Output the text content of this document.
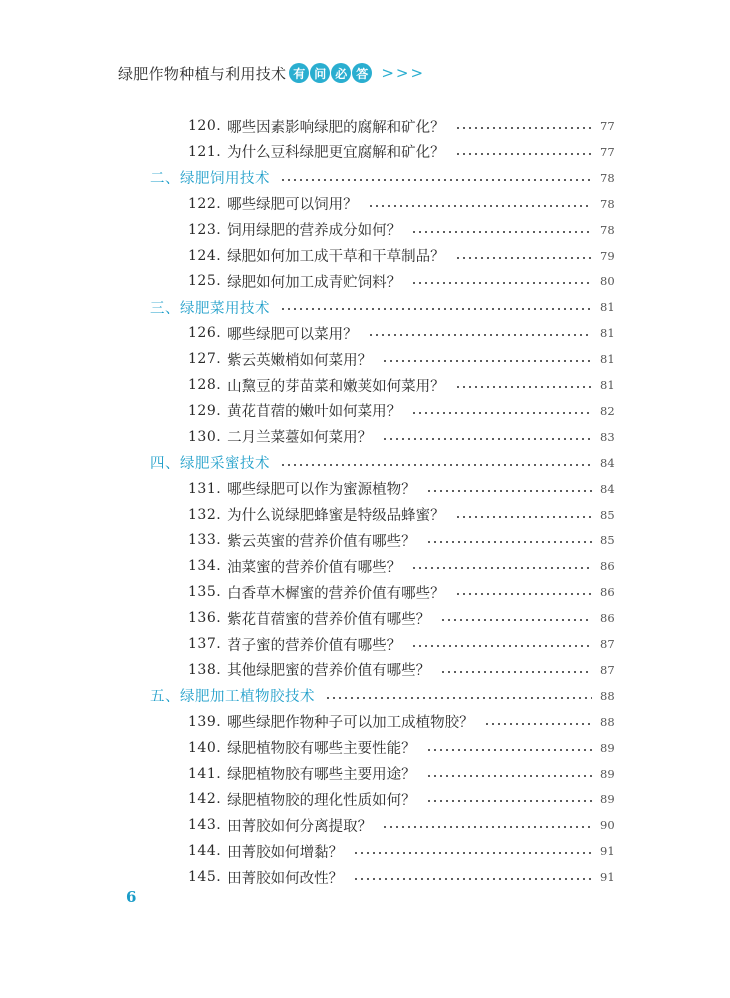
绿肥作物种植与利用技术 有 问 必 答 >>>
120. 哪些因素影响绿肥的腐解和矿化？	77
121. 为什么豆科绿肥更宜腐解和矿化？	77
二、绿肥饲用技术	78
122. 哪些绿肥可以饲用？	78
123. 饲用绿肥的营养成分如何？	78
124. 绿肥如何加工成干草和干草制品？	79
125. 绿肥如何加工成青贮饲料？	80
三、绿肥菜用技术	81
126. 哪些绿肥可以菜用？	81
127. 紫云英嫩梢如何菜用？	81
128. 山黧豆的芽苗菜和嫩荚如何菜用？	81
129. 黄花苜蓿的嫩叶如何菜用？	82
130. 二月兰菜薹如何菜用？	83
四、绿肥采蜜技术	84
131. 哪些绿肥可以作为蜜源植物？	84
132. 为什么说绿肥蜂蜜是特级品蜂蜜？	85
133. 紫云英蜜的营养价值有哪些？	85
134. 油菜蜜的营养价值有哪些？	86
135. 白香草木樨蜜的营养价值有哪些？	86
136. 紫花苜蓿蜜的营养价值有哪些？	86
137. 苕子蜜的营养价值有哪些？	87
138. 其他绿肥蜜的营养价值有哪些？	87
五、绿肥加工植物胶技术	88
139. 哪些绿肥作物种子可以加工成植物胶？	88
140. 绿肥植物胶有哪些主要性能？	89
141. 绿肥植物胶有哪些主要用途？	89
142. 绿肥植物胶的理化性质如何？	89
143. 田菁胶如何分离提取？	90
144. 田菁胶如何增黏？	91
145. 田菁胶如何改性？	91
6
